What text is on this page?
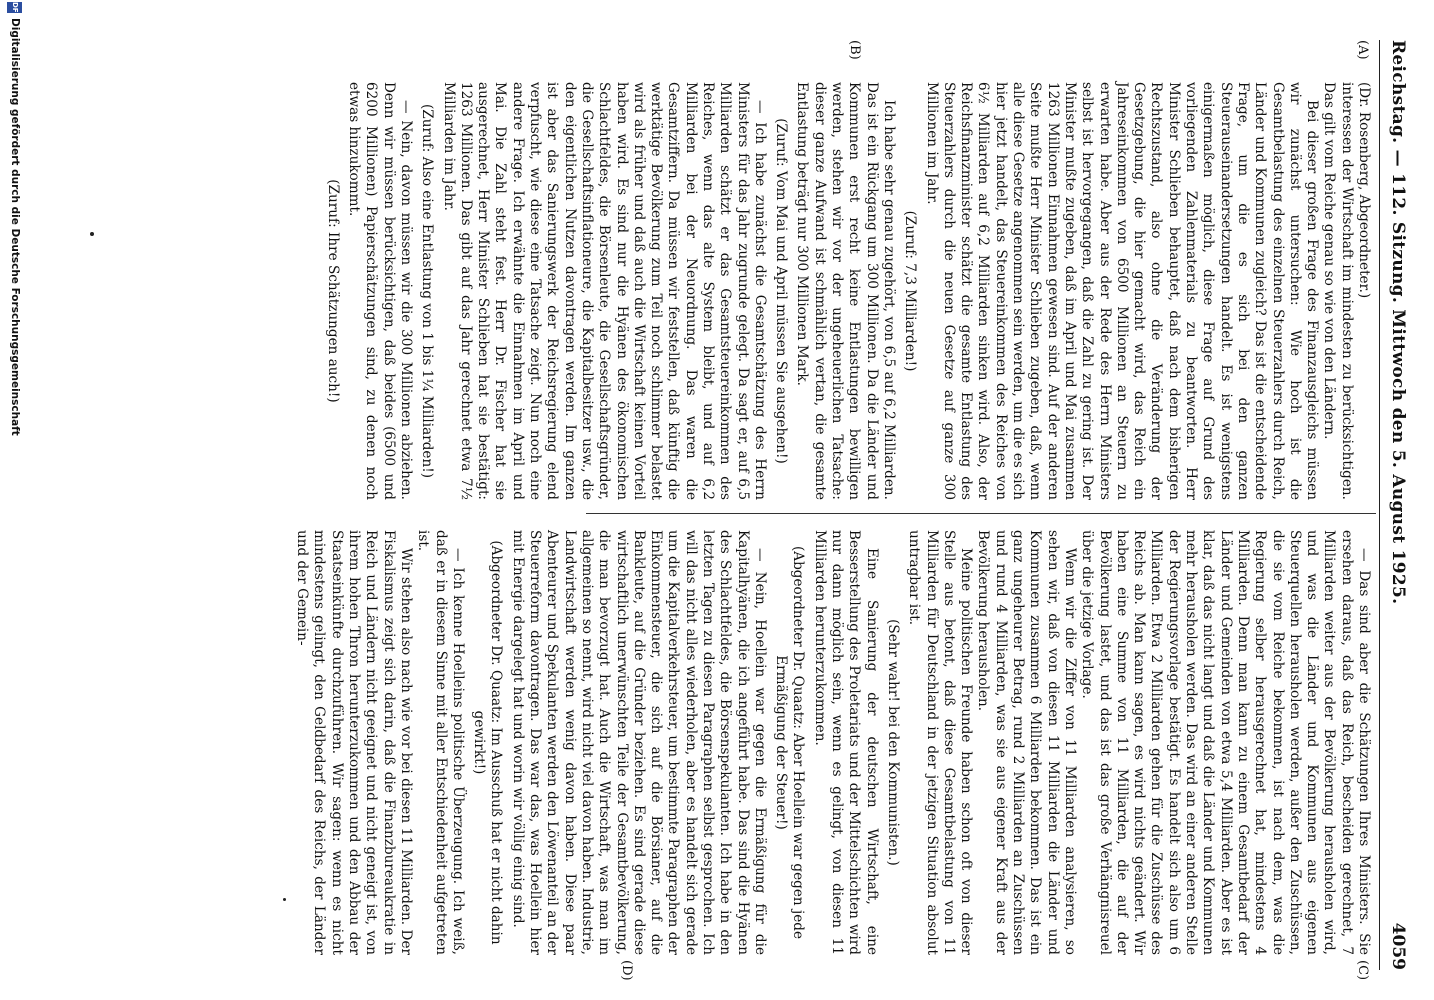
Reichstag. — 112. Sitzung. Mittwoch den 5. August 1925.
4059
(A)
(B)
(C)
(D)

(Dr. Rosenberg, Abgeordneter.)

interessen der Wirtschaft im mindesten zu berücksichtigen. Das gilt vom Reiche genau so wie von den Ländern.

Bei dieser großen Frage des Finanzausgleichs müssen wir zunächst untersuchen: Wie hoch ist die Gesamtbelastung des einzelnen Steuerzahlers durch Reich, Länder und Kommunen zugleich? Das ist die entscheidende Frage, um die es sich bei den ganzen Steuerauseinandersetzungen handelt. Es ist wenigstens einigermaßen möglich, diese Frage auf Grund des vorliegenden Zahlenmaterials zu beantworten. Herr Minister Schlieben behauptet, daß nach dem bisherigen Rechtszustand, also ohne die Veränderung der Gesetzgebung, die hier gemacht wird, das Reich ein Jahreseinkommen von 6500 Millionen an Steuern zu erwarten habe. Aber aus der Rede des Herrn Ministers selbst ist hervorgegangen, daß die Zahl zu gering ist. Der Minister mußte zugeben, daß im April und Mai zusammen 1263 Millionen Einnahmen gewesen sind. Auf der anderen Seite mußte Herr Minister Schlieben zugeben, daß, wenn alle diese Gesetze angenommen sein werden, um die es sich hier jetzt handelt, das Steuereinkommen des Reiches von 6½ Milliarden auf 6,2 Milliarden sinken wird. Also, der Reichsfinanzminister schätzt die gesamte Entlastung des Steuerzahlers durch die neuen Gesetze auf ganze 300 Millionen im Jahr.

(Zuruf: 7,3 Milliarden!)

Ich habe sehr genau zugehört, von 6,5 auf 6,2 Milliarden. Das ist ein Rückgang um 300 Millionen. Da die Länder und Kommunen erst recht keine Entlastungen bewilligen werden, stehen wir vor der ungeheuerlichen Tatsache: dieser ganze Aufwand ist schmählich vertan, die gesamte Entlastung beträgt nur 300 Millionen Mark.

(Zuruf: Vom Mai und April müssen Sie ausgehen!)

— Ich habe zunächst die Gesamtschätzung des Herrn Ministers für das Jahr zugrunde gelegt. Da sagt er, auf 6,5 Milliarden schätzt er das Gesamtsteuereinkommen des Reiches, wenn das alte System bleibt, und auf 6,2 Milliarden bei der Neuordnung. Das waren die Gesamtziffern. Da müssen wir feststellen, daß künftig die werktätige Bevölkerung zum Teil noch schlimmer belastet wird als früher und daß auch die Wirtschaft keinen Vorteil haben wird. Es sind nur die Hyänen des ökonomischen Schlachtfeldes, die Börsenleute, die Gesellschaftsgründer, die Gesellschaftsinflationeure, die Kapitalbesitzer usw., die den eigentlichen Nutzen davontragen werden. Im ganzen ist aber das Sanierungswerk der Reichsregierung elend verpfuscht, wie diese eine Tatsache zeigt. Nun noch eine andere Frage. Ich erwähnte die Einnahmen im April und Mai. Die Zahl steht fest. Herr Dr. Fischer hat sie ausgerechnet, Herr Minister Schlieben hat sie bestätigt: 1263 Millionen. Das gibt auf das Jahr gerechnet etwa 7½ Milliarden im Jahr.

(Zuruf: Also eine Entlastung von 1 bis 1¼ Milliarden!)

— Nein, davon müssen wir die 300 Millionen abziehen. Denn wir müssen berücksichtigen, daß beides (6500 und 6200 Millionen) Papierschätzungen sind, zu denen noch etwas hinzukommt.

(Zuruf: Ihre Schätzungen auch!)

— Das sind aber die Schätzungen Ihres Ministers. Sie ersehen daraus, daß das Reich, bescheiden gerechnet, 7 Milliarden weiter aus der Bevölkerung herausholen wird, und was die Länder und Kommunen aus eigenen Steuerquellen herausholen werden, außer den Zuschüssen, die sie vom Reiche bekommen, ist nach dem, was die Regierung selber herausgerechnet hat, mindestens 4 Milliarden. Denn man kann zu einem Gesamtbedarf der Länder und Gemeinden von etwa 5,4 Milliarden. Aber es ist klar, daß das nicht langt und daß die Länder und Kommunen mehr herausholen werden. Das wird an einer anderen Stelle der Regierungsvorlage bestätigt. Es handelt sich also um 6 Milliarden. Etwa 2 Milliarden gehen für die Zuschüsse des Reichs ab. Man kann sagen, es wird nichts geändert. Wir haben eine Summe von 11 Milliarden, die auf der Bevölkerung lastet, und das ist das große Verhängnisreuel über die jetzige Vorlage.

Wenn wir die Ziffer von 11 Milliarden analysieren, so sehen wir, daß von diesen 11 Milliarden die Länder und Kommunen zusammen 6 Milliarden bekommen. Das ist ein ganz ungeheurer Betrag, rund 2 Milliarden an Zuschüssen und rund 4 Milliarden, was sie aus eigener Kraft aus der Bevölkerung herausholen.

Meine politischen Freunde haben schon oft von dieser Stelle aus betont, daß diese Gesamtbelastung von 11 Milliarden für Deutschland in der jetzigen Situation absolut untragbar ist.

(Sehr wahr! bei den Kommunisten.)

Eine Sanierung der deutschen Wirtschaft, eine Besserstellung des Proletariats und der Mittelschichten wird nur dann möglich sein, wenn es gelingt, von diesen 11 Milliarden herunterzukommen.

(Abgeordneter Dr. Quaatz: Aber Hoellein war gegen jede Ermäßigung der Steuer!)

— Nein, Hoellein war gegen die Ermäßigung für die Kapitalhyänen, die ich angeführt habe. Das sind die Hyänen des Schlachtfeldes, die Börsenspekulanten. Ich habe in den letzten Tagen zu diesen Paragraphen selbst gesprochen. Ich will das nicht alles wiederholen, aber es handelt sich gerade um die Kapitalverkehrsteuer, um bestimmte Paragraphen der Einkommensteuer, die sich auf die Börsianer, auf die Bankleute, auf die Gründer beziehen. Es sind gerade diese wirtschaftlich unerwünschten Teile der Gesamtbevölkerung, die man bevorzugt hat. Auch die Wirtschaft, was man im allgemeinen so nennt, wird nicht viel davon haben. Industrie, Landwirtschaft werden wenig davon haben. Diese paar Abenteurer und Spekulanten werden den Löwenanteil an der Steuerreform davontragen. Das war das, was Hoellein hier mit Energie dargelegt hat und worin wir völlig einig sind.

(Abgeordneter Dr. Quaatz: Im Ausschuß hat er nicht dahin gewirkt!)

— Ich kenne Hoelleins politische Überzeugung. Ich weiß, daß er in diesem Sinne mit aller Entschiedenheit aufgetreten ist.

Wir stehen also nach wie vor bei diesen 11 Milliarden. Der Fiskalismus zeigt sich darin, daß die Finanzbureaukratie in Reich und Ländern nicht geeignet und nicht geneigt ist, von ihrem hohen Thron herunterzukommen und den Abbau der Staatseinkünfte durchzuführen. Wir sagen: wenn es nicht mindestens gelingt, den Geldbedarf des Reichs, der Länder und der Gemein-

DFG
Digitalisierung gefördert durch die Deutsche Forschungsgemeinschaft
